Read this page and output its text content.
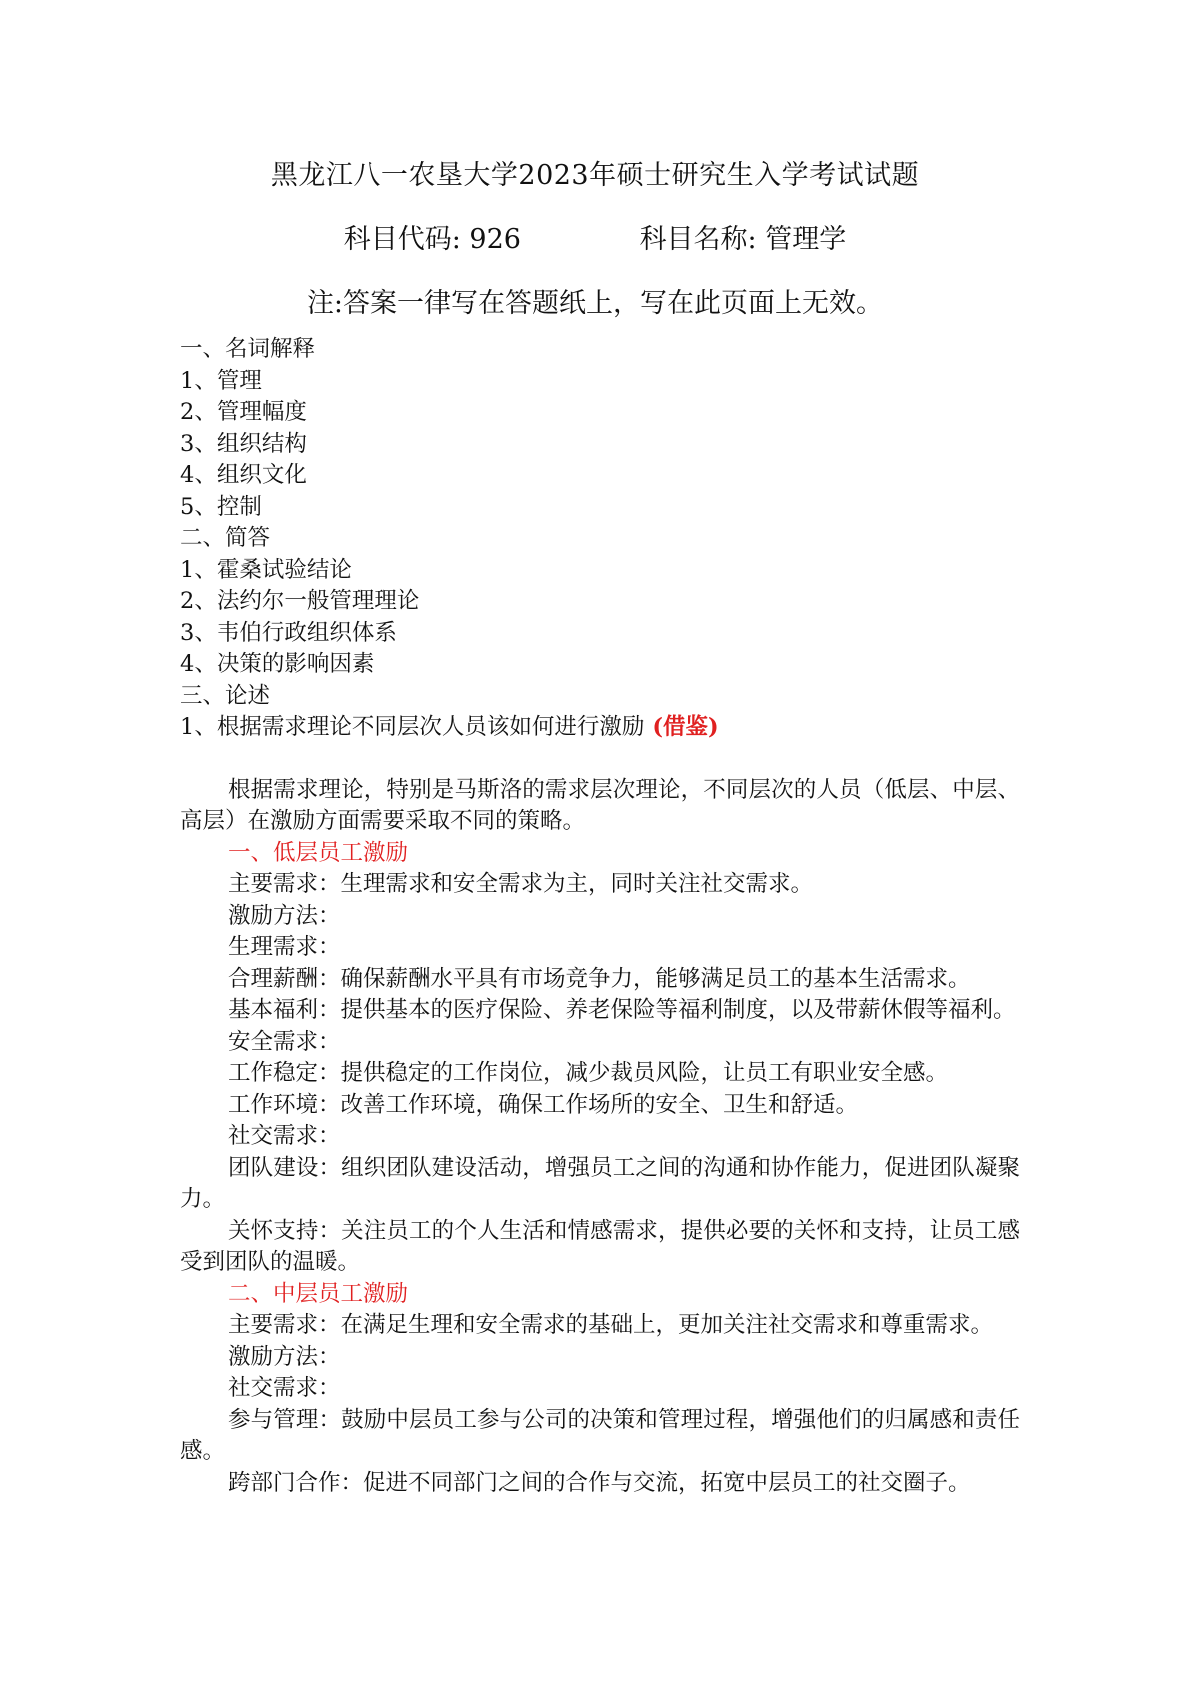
黑龙江八一农垦大学2023年硕士研究生入学考试试题
科目代码: 926	科目名称: 管理学
注:答案一律写在答题纸上，写在此页面上无效。
一、名词解释
1、管理
2、管理幅度
3、组织结构
4、组织文化
5、控制
二、简答
1、霍桑试验结论
2、法约尔一般管理理论
3、韦伯行政组织体系
4、决策的影响因素
三、论述
1、根据需求理论不同层次人员该如何进行激励 (借鉴)
根据需求理论，特别是马斯洛的需求层次理论，不同层次的人员（低层、中层、高层）在激励方面需要采取不同的策略。
一、低层员工激励
主要需求：生理需求和安全需求为主，同时关注社交需求。
激励方法：
生理需求：
合理薪酬：确保薪酬水平具有市场竞争力，能够满足员工的基本生活需求。
基本福利：提供基本的医疗保险、养老保险等福利制度，以及带薪休假等福利。
安全需求：
工作稳定：提供稳定的工作岗位，减少裁员风险，让员工有职业安全感。
工作环境：改善工作环境，确保工作场所的安全、卫生和舒适。
社交需求：
团队建设：组织团队建设活动，增强员工之间的沟通和协作能力，促进团队凝聚力。
关怀支持：关注员工的个人生活和情感需求，提供必要的关怀和支持，让员工感受到团队的温暖。
二、中层员工激励
主要需求：在满足生理和安全需求的基础上，更加关注社交需求和尊重需求。
激励方法：
社交需求：
参与管理：鼓励中层员工参与公司的决策和管理过程，增强他们的归属感和责任感。
跨部门合作：促进不同部门之间的合作与交流，拓宽中层员工的社交圈子。
